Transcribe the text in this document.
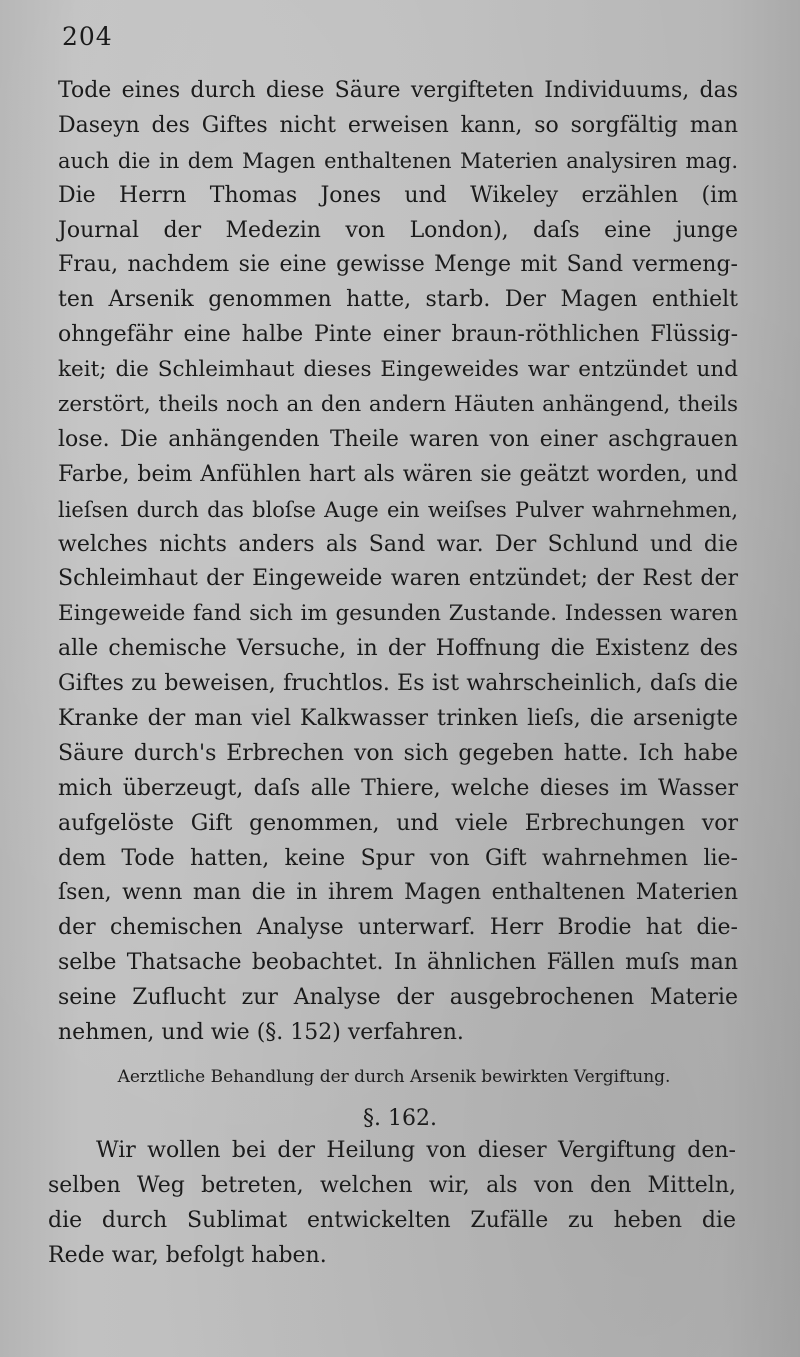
204
Tode eines durch diese Säure vergifteten Individuums, das
Daseyn des Giftes nicht erweisen kann, so sorgfältig man
auch die in dem Magen enthaltenen Materien analysiren mag.
Die Herrn Thomas Jones und Wikeley erzählen (im
Journal der Medezin von London), daſs eine junge
Frau, nachdem sie eine gewisse Menge mit Sand vermeng-
ten Arsenik genommen hatte, starb. Der Magen enthielt
ohngefähr eine halbe Pinte einer braun-röthlichen Flüssig-
keit; die Schleimhaut dieses Eingeweides war entzündet und
zerstört, theils noch an den andern Häuten anhängend, theils
lose. Die anhängenden Theile waren von einer aschgrauen
Farbe, beim Anfühlen hart als wären sie geätzt worden, und
lieſsen durch das bloſse Auge ein weiſses Pulver wahrnehmen,
welches nichts anders als Sand war. Der Schlund und die
Schleimhaut der Eingeweide waren entzündet; der Rest der
Eingeweide fand sich im gesunden Zustande. Indessen waren
alle chemische Versuche, in der Hoffnung die Existenz des
Giftes zu beweisen, fruchtlos. Es ist wahrscheinlich, daſs die
Kranke der man viel Kalkwasser trinken lieſs, die arsenigte
Säure durch's Erbrechen von sich gegeben hatte. Ich habe
mich überzeugt, daſs alle Thiere, welche dieses im Wasser
aufgelöste Gift genommen, und viele Erbrechungen vor
dem Tode hatten, keine Spur von Gift wahrnehmen lie-
ſsen, wenn man die in ihrem Magen enthaltenen Materien
der chemischen Analyse unterwarf. Herr Brodie hat die-
selbe Thatsache beobachtet. In ähnlichen Fällen muſs man
seine Zuflucht zur Analyse der ausgebrochenen Materie
nehmen, und wie (§. 152) verfahren.
Aerztliche Behandlung der durch Arsenik bewirkten Vergiftung.
§. 162.
Wir wollen bei der Heilung von dieser Vergiftung den-
selben Weg betreten, welchen wir, als von den Mitteln,
die durch Sublimat entwickelten Zufälle zu heben die
Rede war, befolgt haben.
